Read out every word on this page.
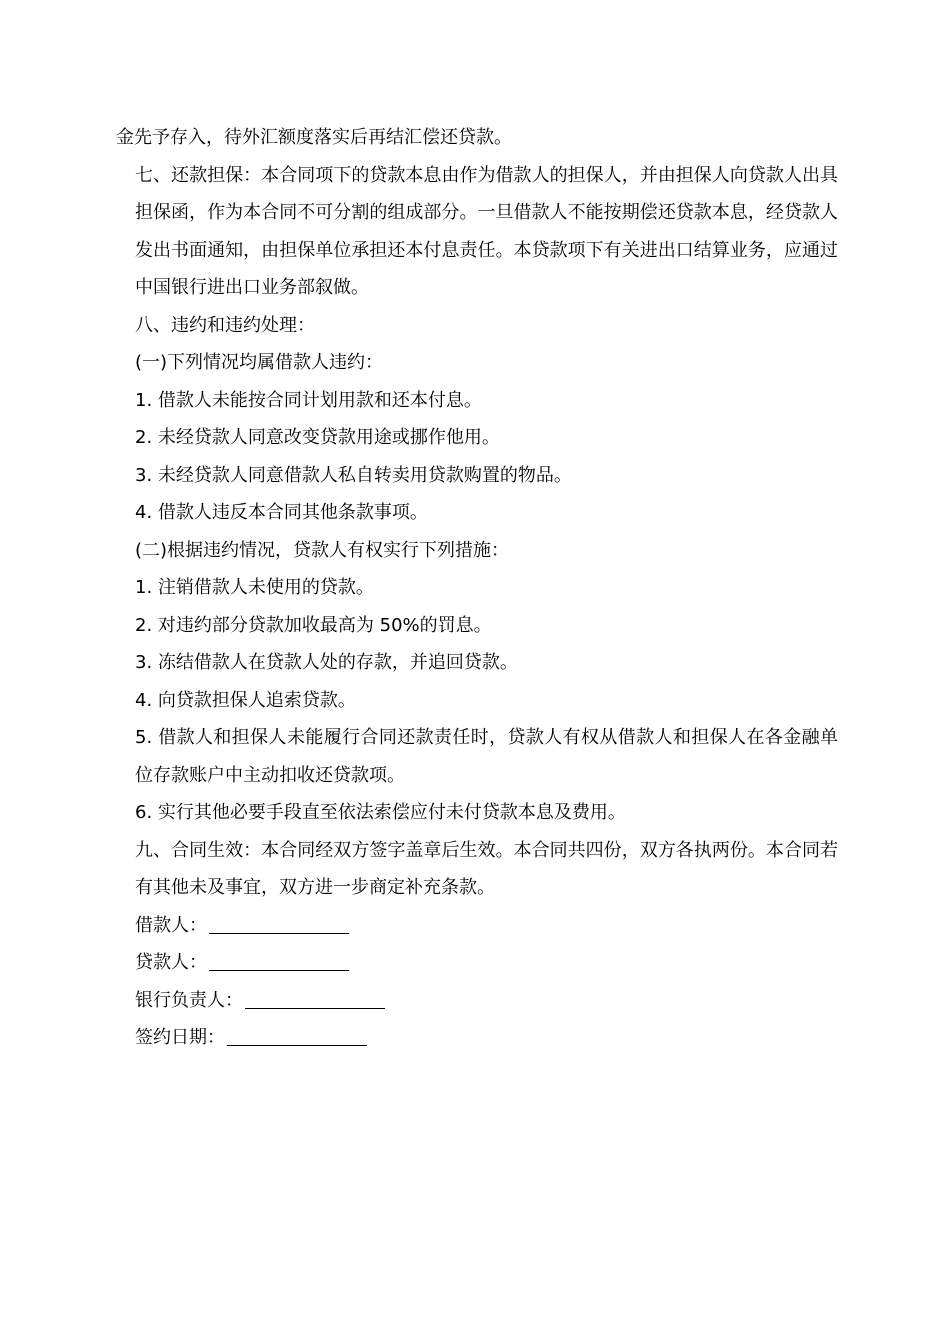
金先予存入，待外汇额度落实后再结汇偿还贷款。

七、还款担保：本合同项下的贷款本息由作为借款人的担保人，并由担保人向贷款人出具担保函，作为本合同不可分割的组成部分。一旦借款人不能按期偿还贷款本息，经贷款人发出书面通知，由担保单位承担还本付息责任。本贷款项下有关进出口结算业务，应通过中国银行进出口业务部叙做。

八、违约和违约处理：

(一)下列情况均属借款人违约：

1. 借款人未能按合同计划用款和还本付息。

2. 未经贷款人同意改变贷款用途或挪作他用。

3. 未经贷款人同意借款人私自转卖用贷款购置的物品。

4. 借款人违反本合同其他条款事项。

(二)根据违约情况，贷款人有权实行下列措施：

1. 注销借款人未使用的贷款。

2. 对违约部分贷款加收最高为 50%的罚息。

3. 冻结借款人在贷款人处的存款，并追回贷款。

4. 向贷款担保人追索贷款。

5. 借款人和担保人未能履行合同还款责任时，贷款人有权从借款人和担保人在各金融单位存款账户中主动扣收还贷款项。

6. 实行其他必要手段直至依法索偿应付未付贷款本息及费用。

九、合同生效：本合同经双方签字盖章后生效。本合同共四份，双方各执两份。本合同若有其他未及事宜，双方进一步商定补充条款。

借款人：

贷款人：

银行负责人：

签约日期：
